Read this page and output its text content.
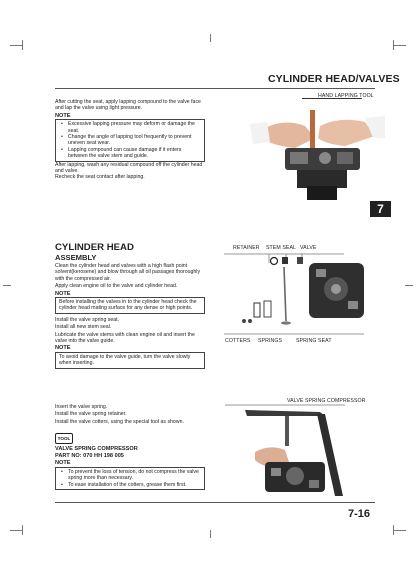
CYLINDER HEAD/VALVES
After cutting the seat, apply lapping compound to the valve face and lap the valve using light pressure.
NOTE
• Excessive lapping pressure may deform or damage the seat.
• Change the angle of lapping tool frequently to prevent uneven seat wear.
• Lapping compound can cause damage if it enters between the valve stem and guide.
After lapping, wash any residual compound off the cylinder head and valve.
Recheck the seat contact after lapping.
HAND LAPPING TOOL
7
CYLINDER HEAD
ASSEMBLY
Clean the cylinder head and valves with a high flash point solvent(kerosene) and blow through all oil passages thoroughly with the compressed air.
Apply clean engine oil to the valve and cylinder head.
NOTE
Before installing the valves in to the cylinder head check the cylinder head mating surface for any dense or high points.
Install the valve spring seat.
Install all new stem seal.
Lubricate the valve stems with clean engine oil and insert the valve into the valve guide.
NOTE
To avoid damage to the valve guide, turn the valve slowly when inserting.
RETAINER STEM SEAL VALVE
COTTERS SPRINGS	SPRING SEAT
Insert the valve spring.
Install the valve spring retainer.
Install the valve cotters, using the special tool as shown.
TOOL
VALVE SPRING COMPRESSOR
PART NO: 070 HH 198 005
NOTE
• To prevent the loss of tension, do not compress the valve spring more than necessary.
• To ease installation of the cotters, grease them first.
VALVE SPRING COMPRESSOR
7-16
